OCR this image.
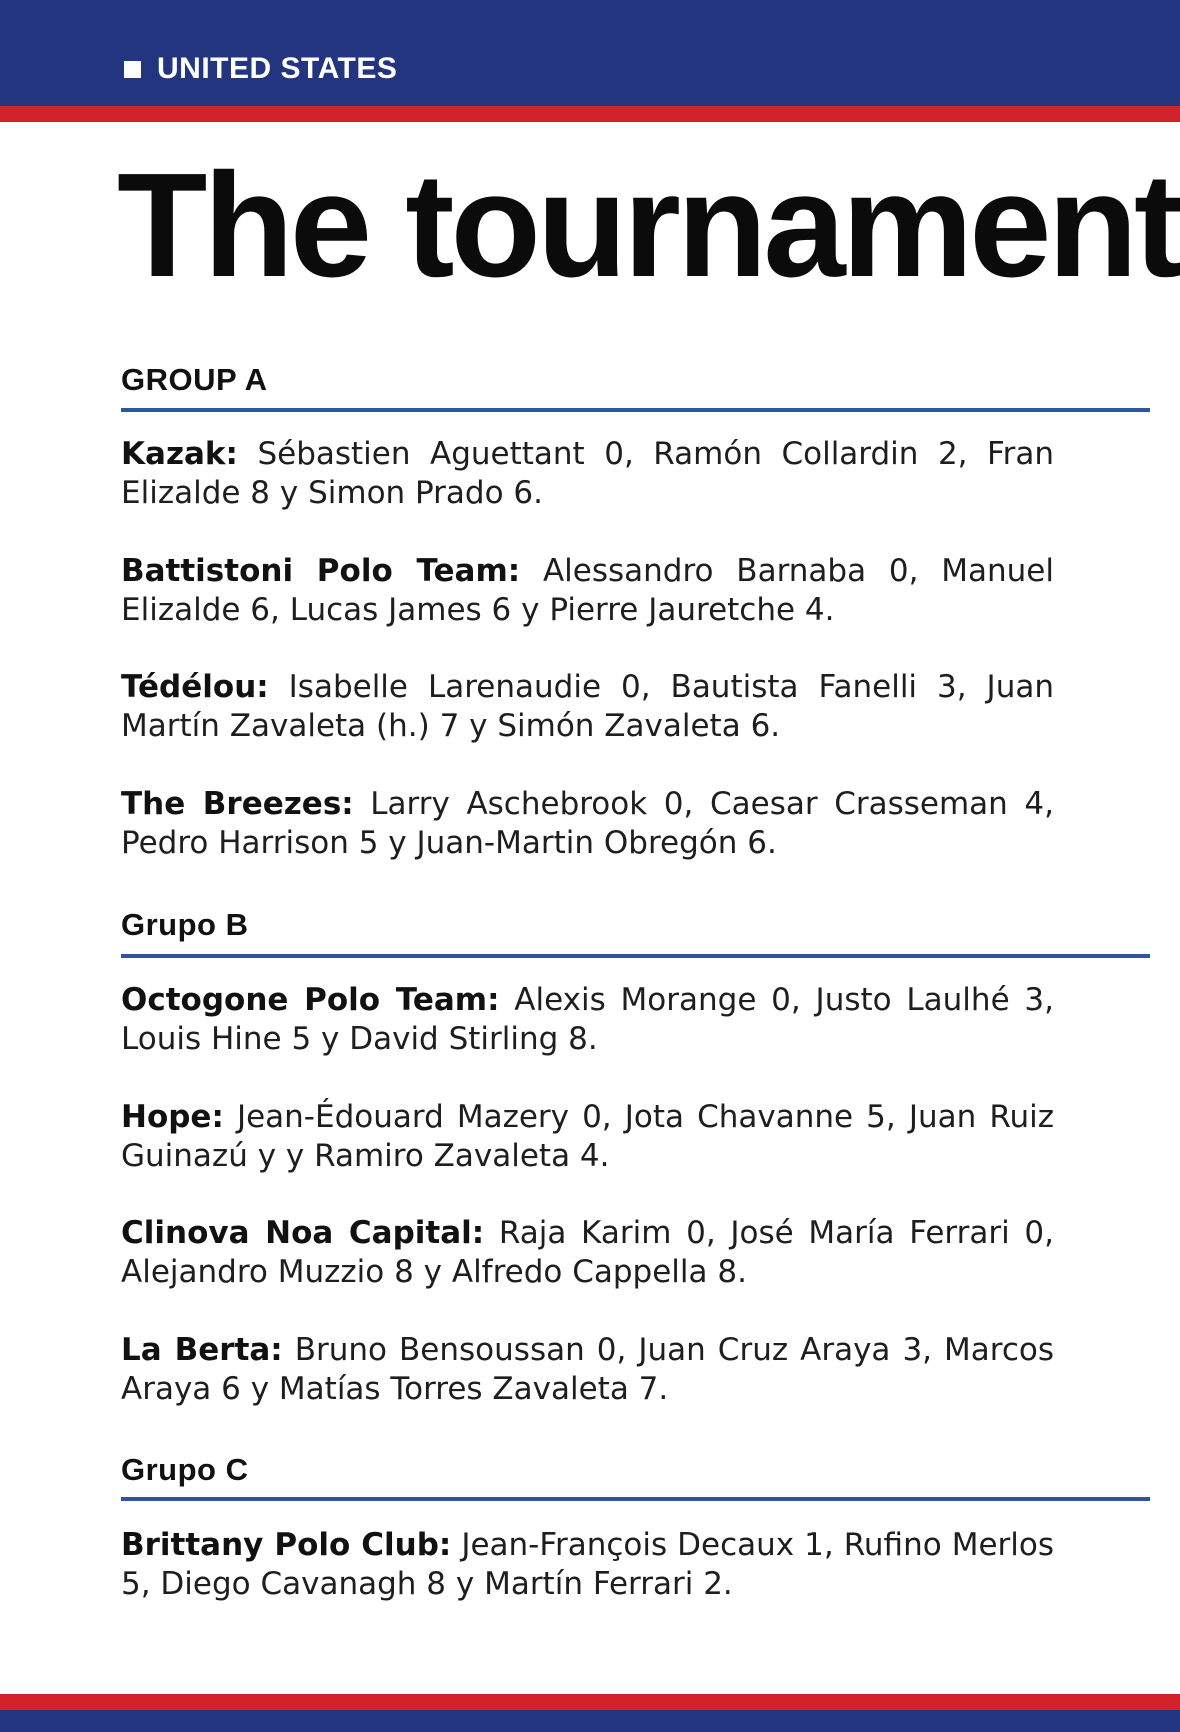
UNITED STATES
The tournament
GROUP A

Kazak: Sébastien Aguettant 0, Ramón Collardin 2, Fran Elizalde 8 y Simon Prado 6.

Battistoni Polo Team: Alessandro Barnaba 0, Manuel Elizalde 6, Lucas James 6 y Pierre Jauretche 4.

Tédélou: Isabelle Larenaudie 0, Bautista Fanelli 3, Juan Martín Zavaleta (h.) 7 y Simón Zavaleta 6.

The Breezes: Larry Aschebrook 0, Caesar Crasseman 4, Pedro Harrison 5 y Juan-Martin Obregón 6.

Grupo B

Octogone Polo Team: Alexis Morange 0, Justo Laulhé 3, Louis Hine 5 y David Stirling 8.

Hope: Jean-Édouard Mazery 0, Jota Chavanne 5, Juan Ruiz Guinazú y y Ramiro Zavaleta 4.

Clinova Noa Capital: Raja Karim 0, José María Ferrari 0, Alejandro Muzzio 8 y Alfredo Cappella 8.

La Berta: Bruno Bensoussan 0, Juan Cruz Araya 3, Marcos Araya 6 y Matías Torres Zavaleta 7.

Grupo C

Brittany Polo Club: Jean-François Decaux 1, Rufino Merlos 5, Diego Cavanagh 8 y Martín Ferrari 2.
